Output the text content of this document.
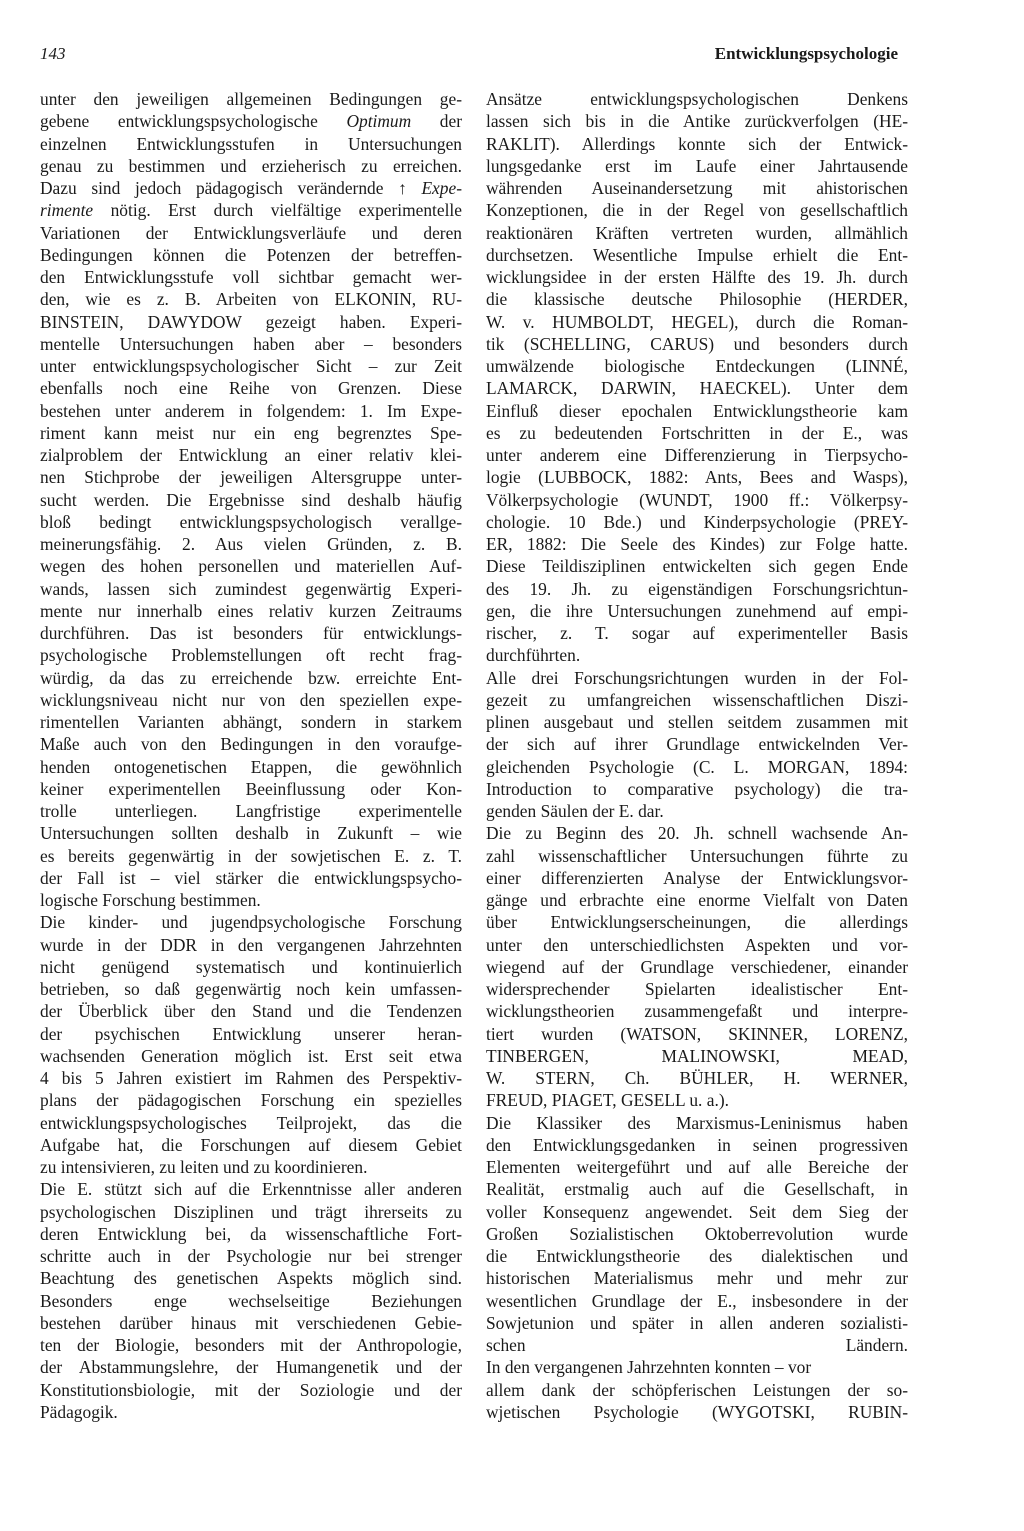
143	Entwicklungspsychologie
unter den jeweiligen allgemeinen Bedingungen ge-
gebene entwicklungspsychologische Optimum der
einzelnen Entwicklungsstufen in Untersuchungen
genau zu bestimmen und erzieherisch zu erreichen.
Dazu sind jedoch pädagogisch verändernde ↑ Expe-
rimente nötig. Erst durch vielfältige experimentelle
Variationen der Entwicklungsverläufe und deren
Bedingungen können die Potenzen der betreffen-
den Entwicklungsstufe voll sichtbar gemacht wer-
den, wie es z. B. Arbeiten von ELKONIN, RU-
BINSTEIN, DAWYDOW gezeigt haben. Experi-
mentelle Untersuchungen haben aber – besonders
unter entwicklungspsychologischer Sicht – zur Zeit
ebenfalls noch eine Reihe von Grenzen. Diese
bestehen unter anderem in folgendem: 1. Im Expe-
riment kann meist nur ein eng begrenztes Spe-
zialproblem der Entwicklung an einer relativ klei-
nen Stichprobe der jeweiligen Altersgruppe unter-
sucht werden. Die Ergebnisse sind deshalb häufig
bloß bedingt entwicklungspsychologisch verallge-
meinerungsfähig. 2. Aus vielen Gründen, z. B.
wegen des hohen personellen und materiellen Auf-
wands, lassen sich zumindest gegenwärtig Experi-
mente nur innerhalb eines relativ kurzen Zeitraums
durchführen. Das ist besonders für entwicklungs-
psychologische Problemstellungen oft recht frag-
würdig, da das zu erreichende bzw. erreichte Ent-
wicklungsniveau nicht nur von den speziellen expe-
rimentellen Varianten abhängt, sondern in starkem
Maße auch von den Bedingungen in den voraufge-
henden ontogenetischen Etappen, die gewöhnlich
keiner experimentellen Beeinflussung oder Kon-
trolle unterliegen. Langfristige experimentelle
Untersuchungen sollten deshalb in Zukunft – wie
es bereits gegenwärtig in der sowjetischen E. z. T.
der Fall ist – viel stärker die entwicklungspsycho-
logische Forschung bestimmen.
Die kinder- und jugendpsychologische Forschung
wurde in der DDR in den vergangenen Jahrzehnten
nicht genügend systematisch und kontinuierlich
betrieben, so daß gegenwärtig noch kein umfassen-
der Überblick über den Stand und die Tendenzen
der psychischen Entwicklung unserer heran-
wachsenden Generation möglich ist. Erst seit etwa
4 bis 5 Jahren existiert im Rahmen des Perspektiv-
plans der pädagogischen Forschung ein spezielles
entwicklungspsychologisches Teilprojekt, das die
Aufgabe hat, die Forschungen auf diesem Gebiet
zu intensivieren, zu leiten und zu koordinieren.
Die E. stützt sich auf die Erkenntnisse aller anderen
psychologischen Disziplinen und trägt ihrerseits zu
deren Entwicklung bei, da wissenschaftliche Fort-
schritte auch in der Psychologie nur bei strenger
Beachtung des genetischen Aspekts möglich sind.
Besonders enge wechselseitige Beziehungen
bestehen darüber hinaus mit verschiedenen Gebie-
ten der Biologie, besonders mit der Anthropologie,
der Abstammungslehre, der Humangenetik und der
Konstitutionsbiologie, mit der Soziologie und der
Pädagogik.
Ansätze entwicklungspsychologischen Denkens
lassen sich bis in die Antike zurückverfolgen (HE-
RAKLIT). Allerdings konnte sich der Entwick-
lungsgedanke erst im Laufe einer Jahrtausende
währenden Auseinandersetzung mit ahistorischen
Konzeptionen, die in der Regel von gesellschaftlich
reaktionären Kräften vertreten wurden, allmählich
durchsetzen. Wesentliche Impulse erhielt die Ent-
wicklungsidee in der ersten Hälfte des 19. Jh. durch
die klassische deutsche Philosophie (HERDER,
W. v. HUMBOLDT, HEGEL), durch die Roman-
tik (SCHELLING, CARUS) und besonders durch
umwälzende biologische Entdeckungen (LINNÉ,
LAMARCK, DARWIN, HAECKEL). Unter dem
Einfluß dieser epochalen Entwicklungstheorie kam
es zu bedeutenden Fortschritten in der E., was
unter anderem eine Differenzierung in Tierpsycho-
logie (LUBBOCK, 1882: Ants, Bees and Wasps),
Völkerpsychologie (WUNDT, 1900 ff.: Völkerpsy-
chologie. 10 Bde.) und Kinderpsychologie (PREY-
ER, 1882: Die Seele des Kindes) zur Folge hatte.
Diese Teildisziplinen entwickelten sich gegen Ende
des 19. Jh. zu eigenständigen Forschungsrichtun-
gen, die ihre Untersuchungen zunehmend auf empi-
rischer, z. T. sogar auf experimenteller Basis
durchführten.
Alle drei Forschungsrichtungen wurden in der Fol-
gezeit zu umfangreichen wissenschaftlichen Diszi-
plinen ausgebaut und stellen seitdem zusammen mit
der sich auf ihrer Grundlage entwickelnden Ver-
gleichenden Psychologie (C. L. MORGAN, 1894:
Introduction to comparative psychology) die tra-
genden Säulen der E. dar.
Die zu Beginn des 20. Jh. schnell wachsende An-
zahl wissenschaftlicher Untersuchungen führte zu
einer differenzierten Analyse der Entwicklungsvor-
gänge und erbrachte eine enorme Vielfalt von Daten
über Entwicklungserscheinungen, die allerdings
unter den unterschiedlichsten Aspekten und vor-
wiegend auf der Grundlage verschiedener, einander
widersprechender Spielarten idealistischer Ent-
wicklungstheorien zusammengefaßt und interpre-
tiert wurden (WATSON, SKINNER, LORENZ,
TINBERGEN, MALINOWSKI, MEAD,
W. STERN, Ch. BÜHLER, H. WERNER,
FREUD, PIAGET, GESELL u. a.).
Die Klassiker des Marxismus-Leninismus haben
den Entwicklungsgedanken in seinen progressiven
Elementen weitergeführt und auf alle Bereiche der
Realität, erstmalig auch auf die Gesellschaft, in
voller Konsequenz angewendet. Seit dem Sieg der
Großen Sozialistischen Oktoberrevolution wurde
die Entwicklungstheorie des dialektischen und
historischen Materialismus mehr und mehr zur
wesentlichen Grundlage der E., insbesondere in der
Sowjetunion und später in allen anderen sozialisti-
schen Ländern.
In den vergangenen Jahrzehnten konnten – vor
allem dank der schöpferischen Leistungen der so-
wjetischen Psychologie (WYGOTSKI, RUBIN-
